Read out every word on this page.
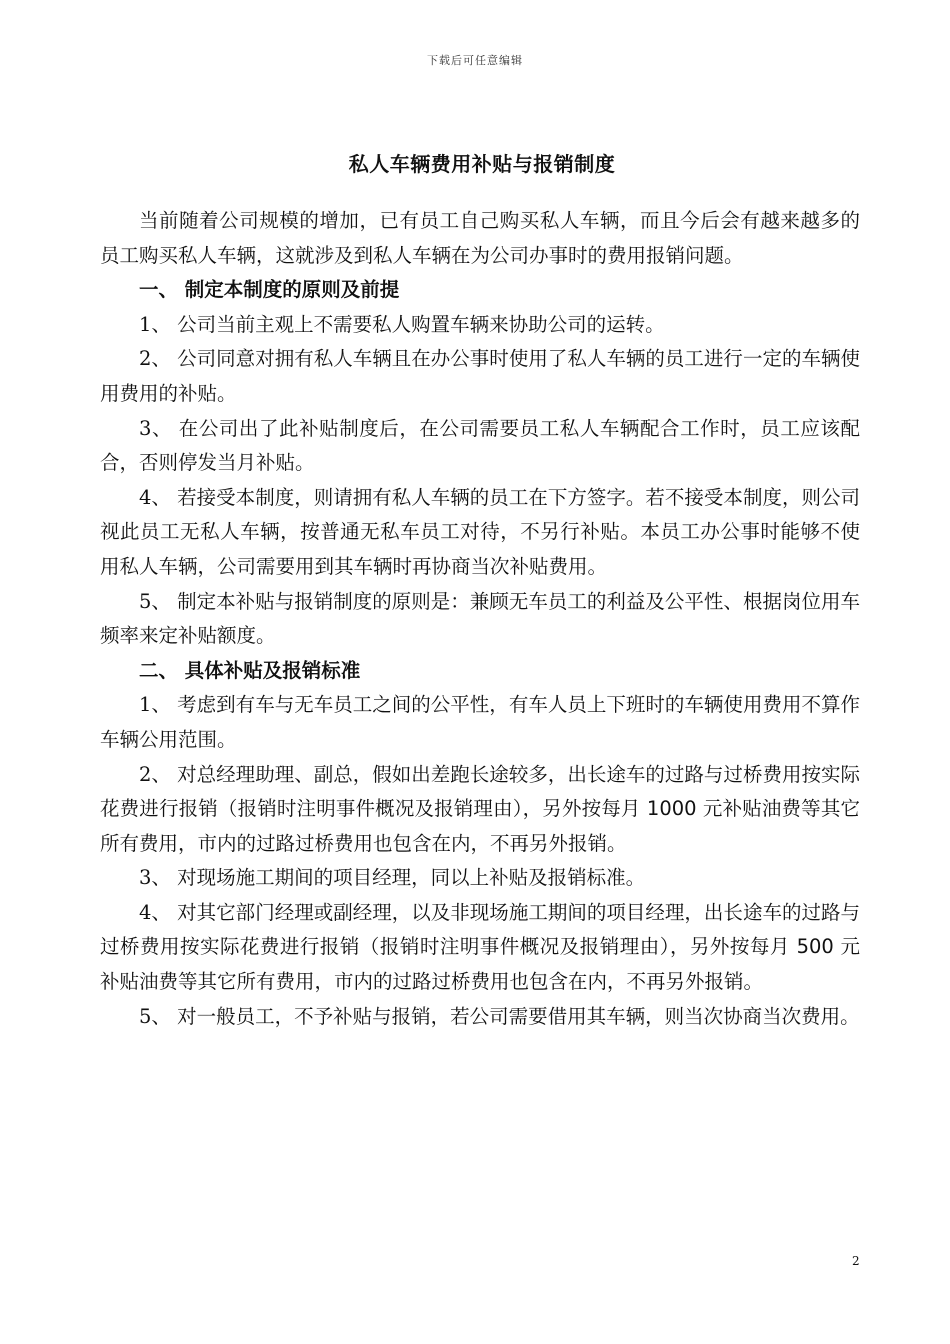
下载后可任意编辑
私人车辆费用补贴与报销制度

当前随着公司规模的增加，已有员工自己购买私人车辆，而且今后会有越来越多的员工购买私人车辆，这就涉及到私人车辆在为公司办事时的费用报销问题。

一、 制定本制度的原则及前提

1、 公司当前主观上不需要私人购置车辆来协助公司的运转。

2、 公司同意对拥有私人车辆且在办公事时使用了私人车辆的员工进行一定的车辆使用费用的补贴。

3、 在公司出了此补贴制度后，在公司需要员工私人车辆配合工作时，员工应该配合，否则停发当月补贴。

4、 若接受本制度，则请拥有私人车辆的员工在下方签字。若不接受本制度，则公司视此员工无私人车辆，按普通无私车员工对待，不另行补贴。本员工办公事时能够不使用私人车辆，公司需要用到其车辆时再协商当次补贴费用。

5、 制定本补贴与报销制度的原则是：兼顾无车员工的利益及公平性、根据岗位用车频率来定补贴额度。

二、 具体补贴及报销标准

1、 考虑到有车与无车员工之间的公平性，有车人员上下班时的车辆使用费用不算作车辆公用范围。

2、 对总经理助理、副总，假如出差跑长途较多，出长途车的过路与过桥费用按实际花费进行报销（报销时注明事件概况及报销理由），另外按每月 1000 元补贴油费等其它所有费用，市内的过路过桥费用也包含在内，不再另外报销。

3、 对现场施工期间的项目经理，同以上补贴及报销标准。

4、 对其它部门经理或副经理，以及非现场施工期间的项目经理，出长途车的过路与过桥费用按实际花费进行报销（报销时注明事件概况及报销理由），另外按每月 500 元补贴油费等其它所有费用，市内的过路过桥费用也包含在内，不再另外报销。

5、 对一般员工，不予补贴与报销，若公司需要借用其车辆，则当次协商当次费用。

2
